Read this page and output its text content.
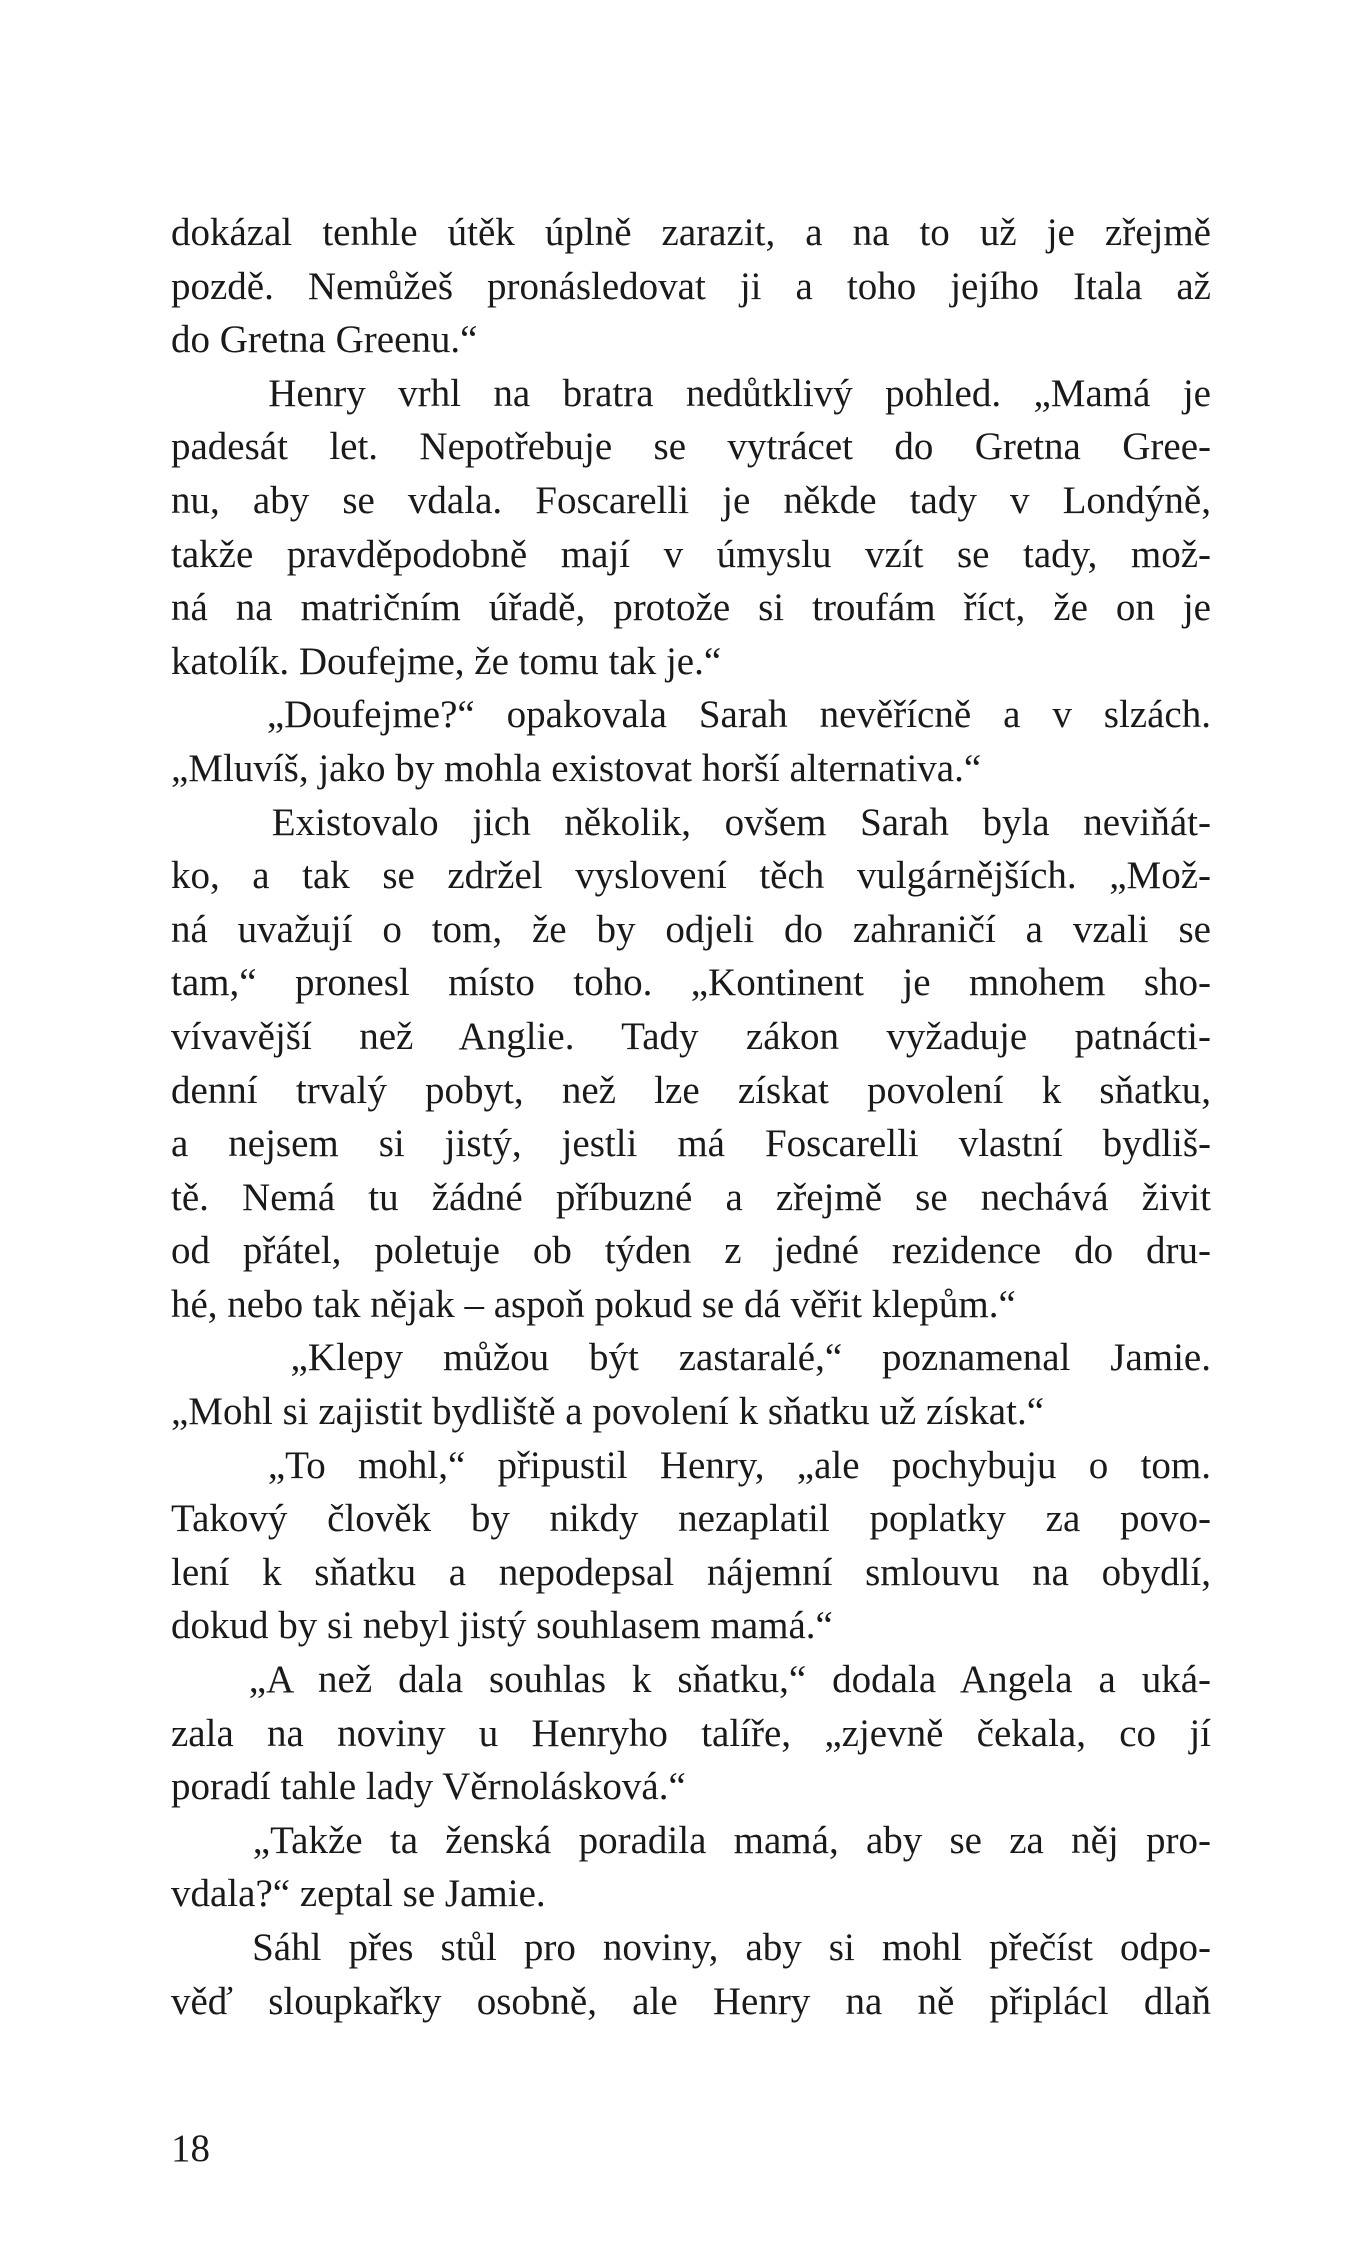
dokázal tenhle útěk úplně zarazit, a na to už je zřejmě
pozdě. Nemůžeš pronásledovat ji a toho jejího Itala až
do Gretna Greenu.“
Henry vrhl na bratra nedůtklivý pohled. „Mamá je
padesát let. Nepotřebuje se vytrácet do Gretna Gree-
nu, aby se vdala. Foscarelli je někde tady v Londýně,
takže pravděpodobně mají v úmyslu vzít se tady, mož-
ná na matričním úřadě, protože si troufám říct, že on je
katolík. Doufejme, že tomu tak je.“
„Doufejme?“ opakovala Sarah nevěřícně a v slzách.
„Mluvíš, jako by mohla existovat horší alternativa.“
Existovalo jich několik, ovšem Sarah byla neviňát-
ko, a tak se zdržel vyslovení těch vulgárnějších. „Mož-
ná uvažují o tom, že by odjeli do zahraničí a vzali se
tam,“ pronesl místo toho. „Kontinent je mnohem sho-
vívavější než Anglie. Tady zákon vyžaduje patnácti-
denní trvalý pobyt, než lze získat povolení k sňatku,
a nejsem si jistý, jestli má Foscarelli vlastní bydliš-
tě. Nemá tu žádné příbuzné a zřejmě se nechává živit
od přátel, poletuje ob týden z jedné rezidence do dru-
hé, nebo tak nějak – aspoň pokud se dá věřit klepům.“
„Klepy můžou být zastaralé,“ poznamenal Jamie.
„Mohl si zajistit bydliště a povolení k sňatku už získat.“
„To mohl,“ připustil Henry, „ale pochybuju o tom.
Takový člověk by nikdy nezaplatil poplatky za povo-
lení k sňatku a nepodepsal nájemní smlouvu na obydlí,
dokud by si nebyl jistý souhlasem mamá.“
„A než dala souhlas k sňatku,“ dodala Angela a uká-
zala na noviny u Henryho talíře, „zjevně čekala, co jí
poradí tahle lady Věrnolásková.“
„Takže ta ženská poradila mamá, aby se za něj pro-
vdala?“ zeptal se Jamie.
Sáhl přes stůl pro noviny, aby si mohl přečíst odpo-
věď sloupkařky osobně, ale Henry na ně připlácl dlaň
18
